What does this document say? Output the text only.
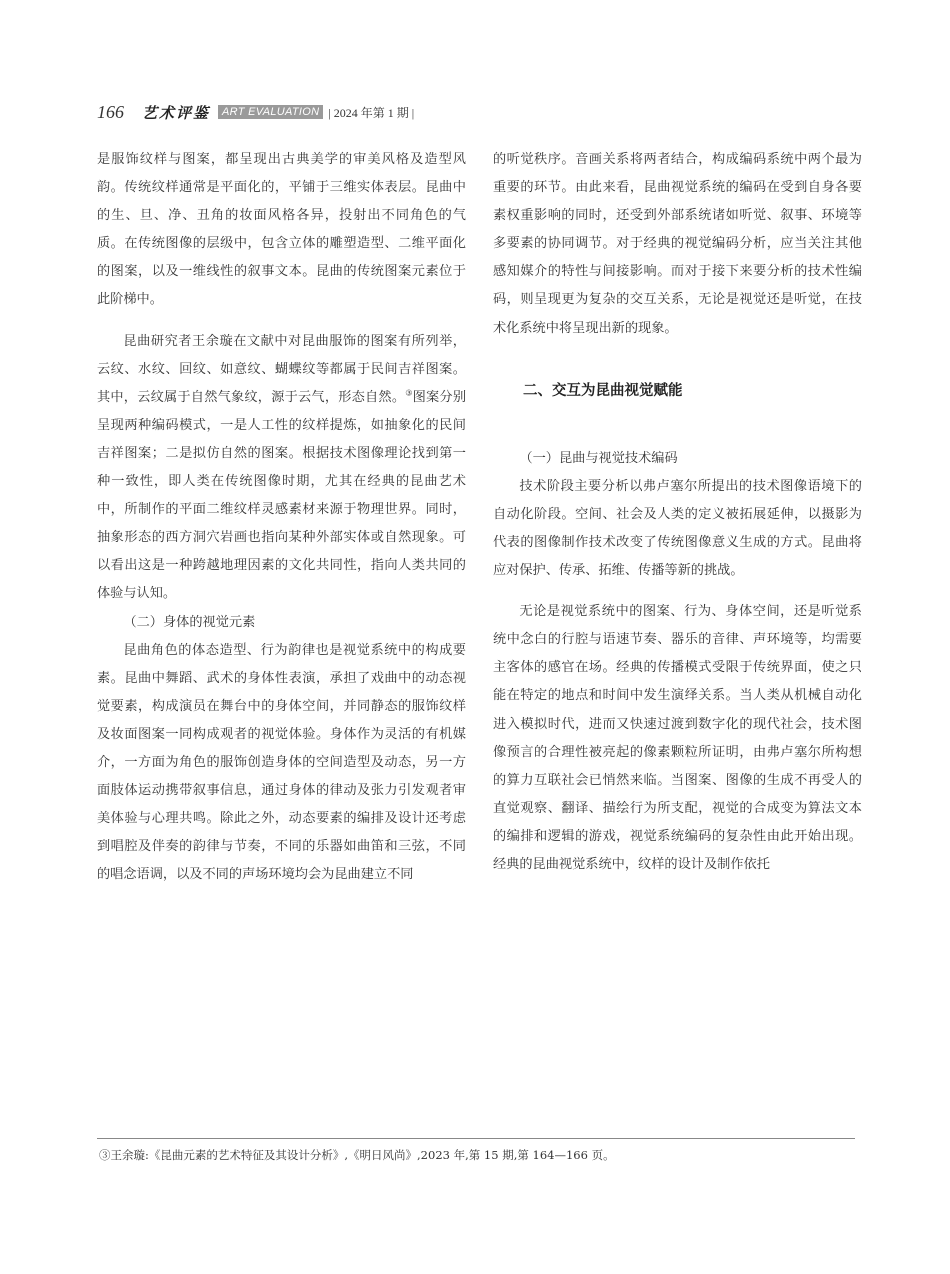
166 艺术评鉴	ART EVALUATION | 2024 年第 1 期 |

是服饰纹样与图案，都呈现出古典美学的审美风格及造型风韵。传统纹样通常是平面化的，平铺于三维实体表层。昆曲中的生、旦、净、丑角的妆面风格各异，投射出不同角色的气质。在传统图像的层级中，包含立体的雕塑造型、二维平面化的图案，以及一维线性的叙事文本。昆曲的传统图案元素位于此阶梯中。

昆曲研究者王余璇在文献中对昆曲服饰的图案有所列举，云纹、水纹、回纹、如意纹、蝴蝶纹等都属于民间吉祥图案。其中，云纹属于自然气象纹，源于云气，形态自然。③图案分别呈现两种编码模式，一是人工性的纹样提炼，如抽象化的民间吉祥图案；二是拟仿自然的图案。根据技术图像理论找到第一种一致性，即人类在传统图像时期，尤其在经典的昆曲艺术中，所制作的平面二维纹样灵感素材来源于物理世界。同时，抽象形态的西方洞穴岩画也指向某种外部实体或自然现象。可以看出这是一种跨越地理因素的文化共同性，指向人类共同的体验与认知。

（二）身体的视觉元素

昆曲角色的体态造型、行为韵律也是视觉系统中的构成要素。昆曲中舞蹈、武术的身体性表演，承担了戏曲中的动态视觉要素，构成演员在舞台中的身体空间，并同静态的服饰纹样及妆面图案一同构成观者的视觉体验。身体作为灵活的有机媒介，一方面为角色的服饰创造身体的空间造型及动态，另一方面肢体运动携带叙事信息，通过身体的律动及张力引发观者审美体验与心理共鸣。除此之外，动态要素的编排及设计还考虑到唱腔及伴奏的韵律与节奏，不同的乐器如曲笛和三弦，不同的唱念语调，以及不同的声场环境均会为昆曲建立不同

的听觉秩序。音画关系将两者结合，构成编码系统中两个最为重要的环节。由此来看，昆曲视觉系统的编码在受到自身各要素权重影响的同时，还受到外部系统诸如听觉、叙事、环境等多要素的协同调节。对于经典的视觉编码分析，应当关注其他感知媒介的特性与间接影响。而对于接下来要分析的技术性编码，则呈现更为复杂的交互关系，无论是视觉还是听觉，在技术化系统中将呈现出新的现象。

二、交互为昆曲视觉赋能

（一）昆曲与视觉技术编码

技术阶段主要分析以弗卢塞尔所提出的技术图像语境下的自动化阶段。空间、社会及人类的定义被拓展延伸，以摄影为代表的图像制作技术改变了传统图像意义生成的方式。昆曲将应对保护、传承、拓维、传播等新的挑战。

无论是视觉系统中的图案、行为、身体空间，还是听觉系统中念白的行腔与语速节奏、器乐的音律、声环境等，均需要主客体的感官在场。经典的传播模式受限于传统界面，使之只能在特定的地点和时间中发生演绎关系。当人类从机械自动化进入模拟时代，进而又快速过渡到数字化的现代社会，技术图像预言的合理性被亮起的像素颗粒所证明，由弗卢塞尔所构想的算力互联社会已悄然来临。当图案、图像的生成不再受人的直觉观察、翻译、描绘行为所支配，视觉的合成变为算法文本的编排和逻辑的游戏，视觉系统编码的复杂性由此开始出现。经典的昆曲视觉系统中，纹样的设计及制作依托

③王余璇:《昆曲元素的艺术特征及其设计分析》,《明日风尚》,2023 年,第 15 期,第 164—166 页。
